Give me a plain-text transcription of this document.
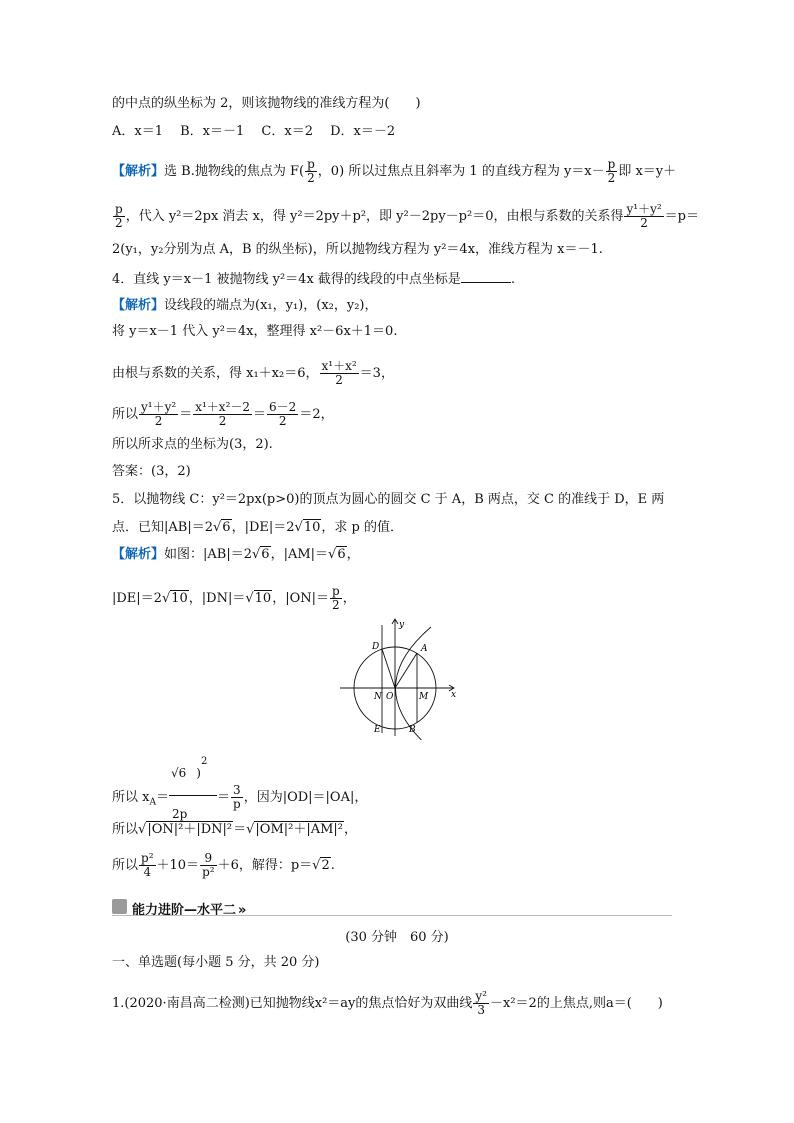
的中点的纵坐标为 2，则该抛物线的准线方程为(　　)
A．x＝1　 B．x＝－1　 C．x＝2　 D．x＝－2
【解析】选 B.抛物线的焦点为 $F( \frac{p}{2}$ ，0) 所以过焦点且斜率为 1 的直线方程为 $y=x- \frac{p}{2}$ 即 x＝y＋
$\frac{p}{2}$ ，代入 y²＝2px 消去 x，得 y²＝2py＋p²，即 y²－2py－p²＝0，由根与系数的关系得 $\frac{\text{y¹＋y²}}{2} =p=$
2(y₁，y₂分别为点 A，B 的纵坐标)，所以抛物线方程为 y²＝4x，准线方程为 x＝－1.
4．直线 y＝x－1 被抛物线 y²＝4x 截得的线段的中点坐标是	.
【解析】设线段的端点为(x₁，y₁)，(x₂，y₂)，
将 y＝x－1 代入 y²＝4x，整理得 x²－6x＋1＝0.
由根与系数的关系，得 x₁＋x₂＝6， $\frac{\text{x¹＋x²}}{2} =3$，
所以 $\frac{\text{y¹＋y²}}{2} = \frac{\text{x¹＋x²－2}}{2} = \frac{6-2}{2} =2$，
所以所求点的坐标为(3，2).
答案：(3，2)
5．以抛物线 C：y²＝2px(p>0)的顶点为圆心的圆交 C 于 A，B 两点，交 C 的准线于 D，E 两
点．已知|AB|＝2√6，|DE|＝2√10，求 p 的值．
【解析】如图：|AB|＝2√6，|AM|＝√6，
|DE|＝2√10，|DN|＝√10，$|ON|= \frac{p}{2}$ ，
y
D	A
N O	M	x
E	B
√6 )$^2$
所以 $x_A=$	＝ $\frac{3}{p}$ ，因为|OD|＝|OA|，
2p
所以√|ON|²＋|DN|²＝√|OM|²＋|AM|²，
所以 $\frac{\text{p²}}{4} +10= \frac{9}{\text{p²}} +6$，解得：p＝√2.
能力进阶—水平二 »
(30 分钟　60 分)
一、单选题(每小题 5 分，共 20 分)
1.(2020·南昌高二检测)已知抛物线x²＝ay的焦点恰好为双曲线 $\frac{\text{y²}}{3} -x^2=2$的上焦点,则a＝(　　)
